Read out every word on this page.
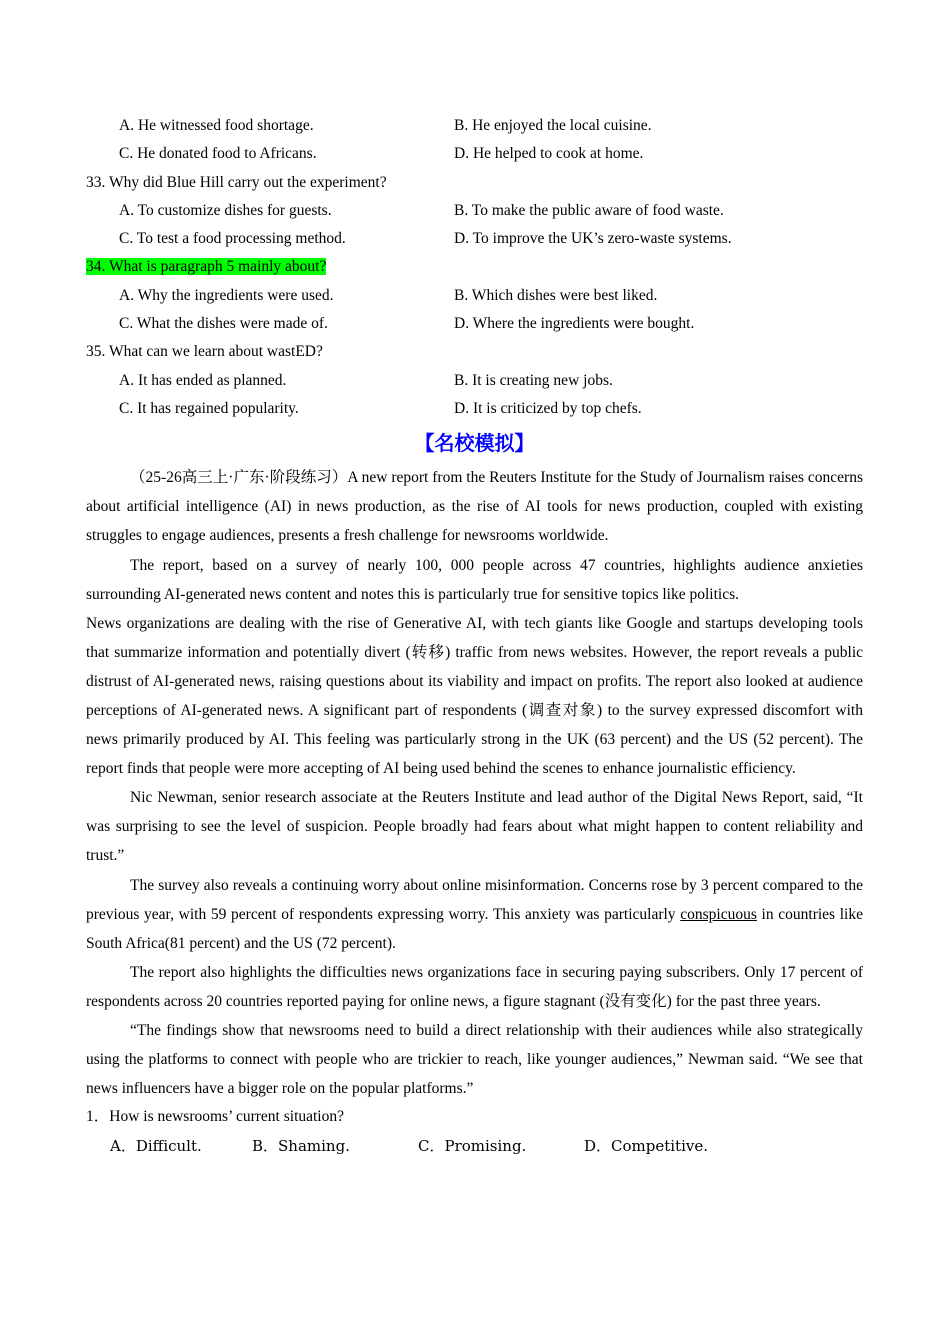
A. He witnessed food shortage.	B. He enjoyed the local cuisine.
C. He donated food to Africans.	D. He helped to cook at home.
33. Why did Blue Hill carry out the experiment?
A. To customize dishes for guests.	B. To make the public aware of food waste.
C. To test a food processing method.	D. To improve the UK’s zero-waste systems.
34. What is paragraph 5 mainly about?
A. Why the ingredients were used.	B. Which dishes were best liked.
C. What the dishes were made of.	D. Where the ingredients were bought.
35. What can we learn about wastED?
A. It has ended as planned.	B. It is creating new jobs.
C. It has regained popularity.	D. It is criticized by top chefs.
【名校模拟】

（25-26高三上·广东·阶段练习）A new report from the Reuters Institute for the Study of Journalism raises concerns about artificial intelligence (AI) in news production, as the rise of AI tools for news production, coupled with existing struggles to engage audiences, presents a fresh challenge for newsrooms worldwide.

The report, based on a survey of nearly 100, 000 people across 47 countries, highlights audience anxieties surrounding AI-generated news content and notes this is particularly true for sensitive topics like politics.

News organizations are dealing with the rise of Generative AI, with tech giants like Google and startups developing tools that summarize information and potentially divert (转移) traffic from news websites. However, the report reveals a public distrust of AI-generated news, raising questions about its viability and impact on profits. The report also looked at audience perceptions of AI-generated news. A significant part of respondents (调查对象) to the survey expressed discomfort with news primarily produced by AI. This feeling was particularly strong in the UK (63 percent) and the US (52 percent). The report finds that people were more accepting of AI being used behind the scenes to enhance journalistic efficiency.

Nic Newman, senior research associate at the Reuters Institute and lead author of the Digital News Report, said, “It was surprising to see the level of suspicion. People broadly had fears about what might happen to content reliability and trust.”

The survey also reveals a continuing worry about online misinformation. Concerns rose by 3 percent compared to the previous year, with 59 percent of respondents expressing worry. This anxiety was particularly conspicuous in countries like South Africa(81 percent) and the US (72 percent).

The report also highlights the difficulties news organizations face in securing paying subscribers. Only 17 percent of respondents across 20 countries reported paying for online news, a figure stagnant (没有变化) for the past three years.

“The findings show that newsrooms need to build a direct relationship with their audiences while also strategically using the platforms to connect with people who are trickier to reach, like younger audiences,” Newman said. “We see that news influencers have a bigger role on the popular platforms.”

1．How is newsrooms’ current situation?
A．Difficult.	B．Shaming.	C．Promising.	D．Competitive.
